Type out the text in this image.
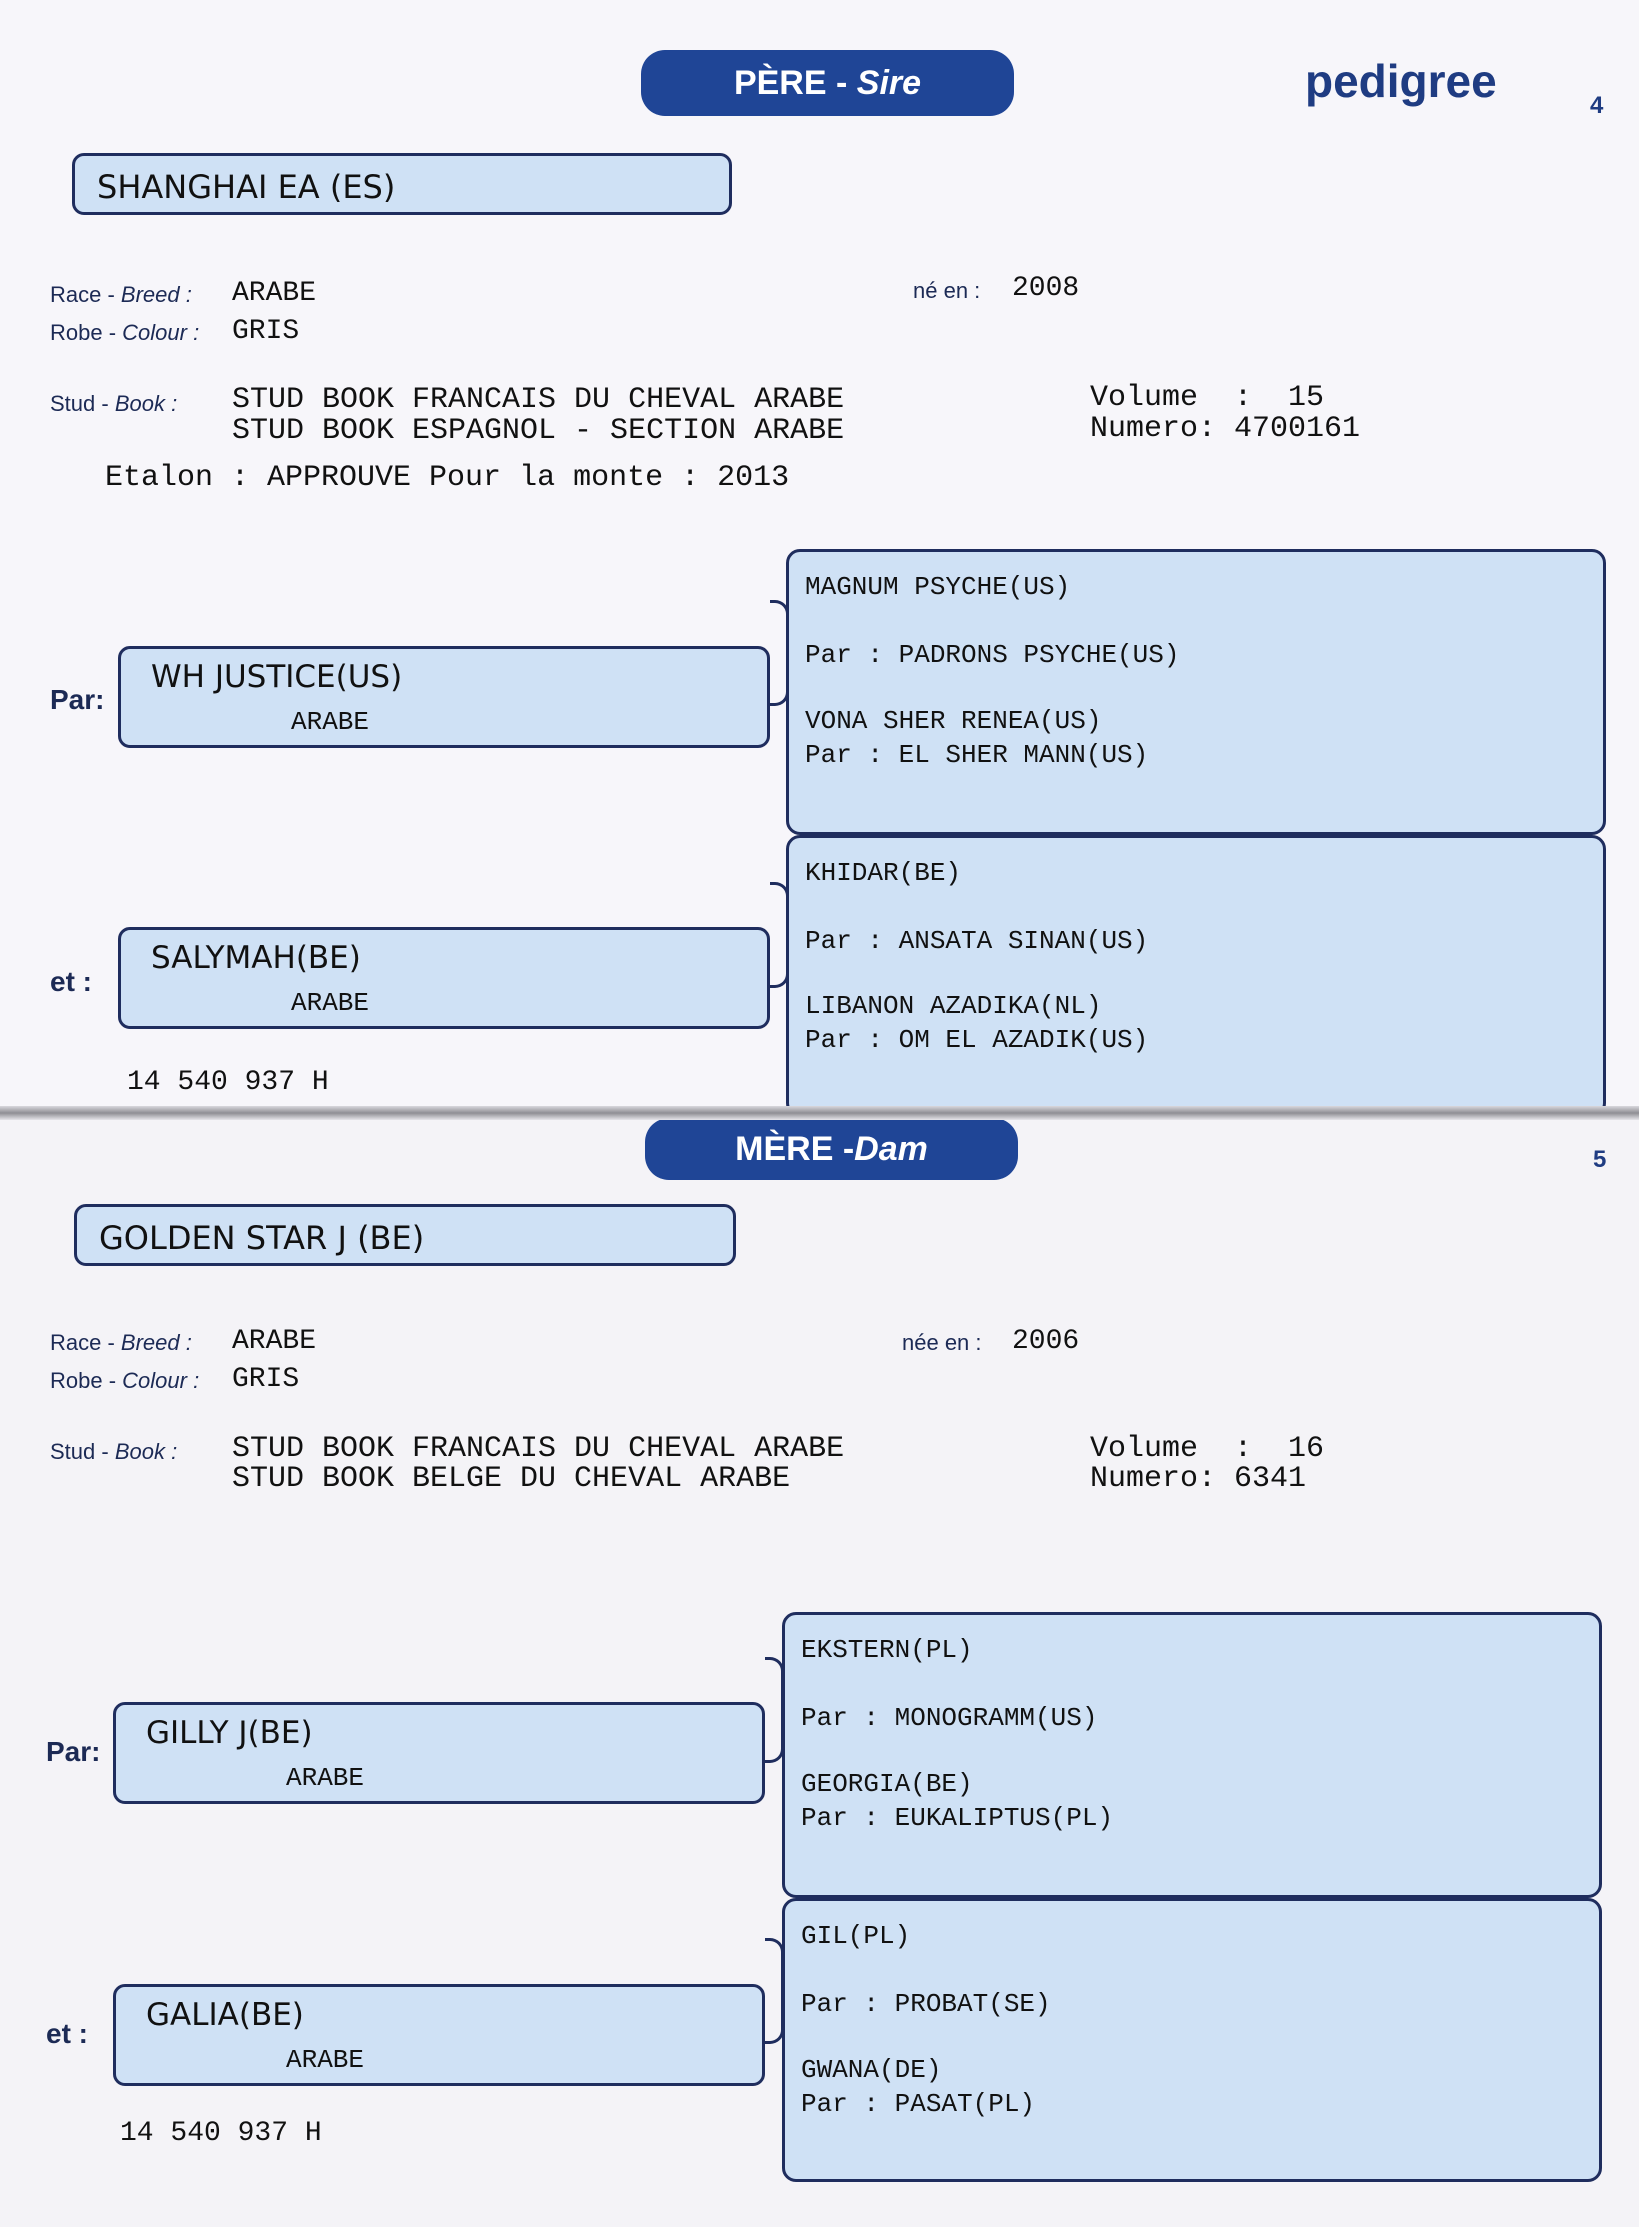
PÈRE - Sire	pedigree	4
SHANGHAI EA (ES)
Race - Breed : ARABE
Robe - Colour : GRIS
né en : 2008
Stud - Book : STUD BOOK FRANCAIS DU CHEVAL ARABE
STUD BOOK ESPAGNOL - SECTION ARABE
Volume  :  15
Numero: 4700161
Etalon : APPROUVE Pour la monte : 2013
Par:
WH JUSTICE(US)
ARABE
et :
SALYMAH(BE)
ARABE
14 540 937 H
MAGNUM PSYCHE(US)
Par : PADRONS PSYCHE(US)
VONA SHER RENEA(US)
Par : EL SHER MANN(US)
KHIDAR(BE)
Par : ANSATA SINAN(US)
LIBANON AZADIKA(NL)
Par : OM EL AZADIK(US)
MÈRE -Dam	5
GOLDEN STAR J (BE)
Race - Breed : ARABE
Robe - Colour : GRIS
née en : 2006
Stud - Book : STUD BOOK FRANCAIS DU CHEVAL ARABE
STUD BOOK BELGE DU CHEVAL ARABE
Volume  :  16
Numero: 6341
Par:
GILLY J(BE)
ARABE
et :
GALIA(BE)
ARABE
14 540 937 H
EKSTERN(PL)
Par : MONOGRAMM(US)
GEORGIA(BE)
Par : EUKALIPTUS(PL)
GIL(PL)
Par : PROBAT(SE)
GWANA(DE)
Par : PASAT(PL)
